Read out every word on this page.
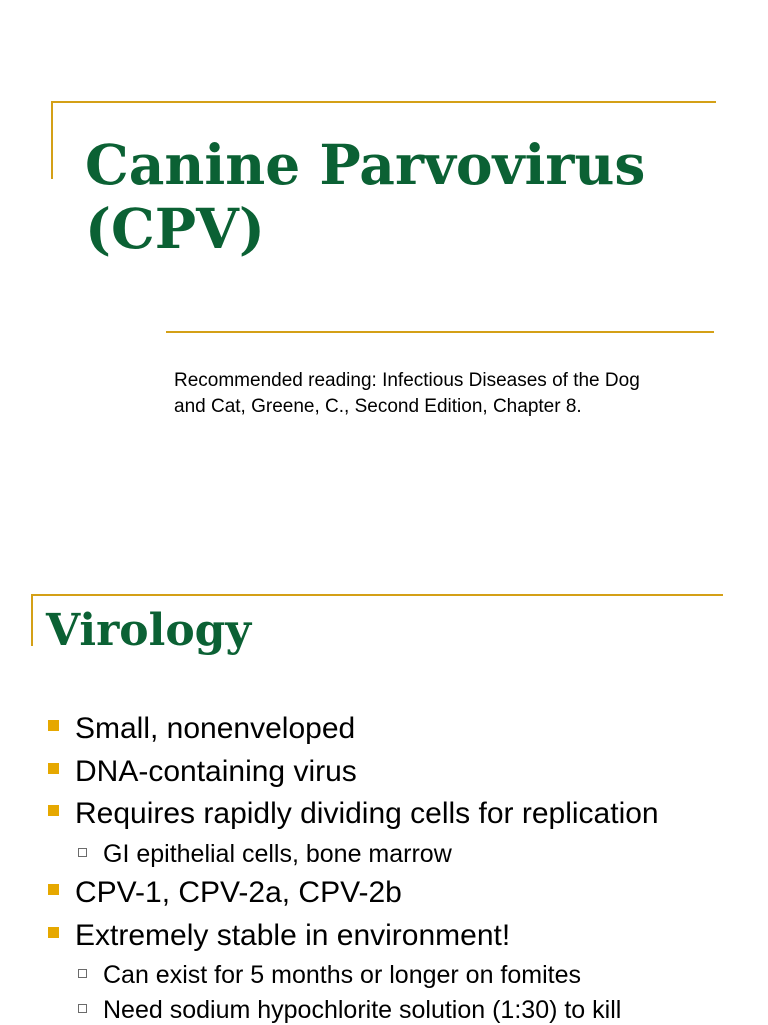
Canine Parvovirus
(CPV)

Recommended reading: Infectious Diseases of the Dog
and Cat, Greene, C., Second Edition, Chapter 8.

Virology
Small, nonenveloped
DNA-containing virus
Requires rapidly dividing cells for replication
GI epithelial cells, bone marrow
CPV-1, CPV-2a, CPV-2b
Extremely stable in environment!
Can exist for 5 months or longer on fomites
Need sodium hypochlorite solution (1:30) to kill
